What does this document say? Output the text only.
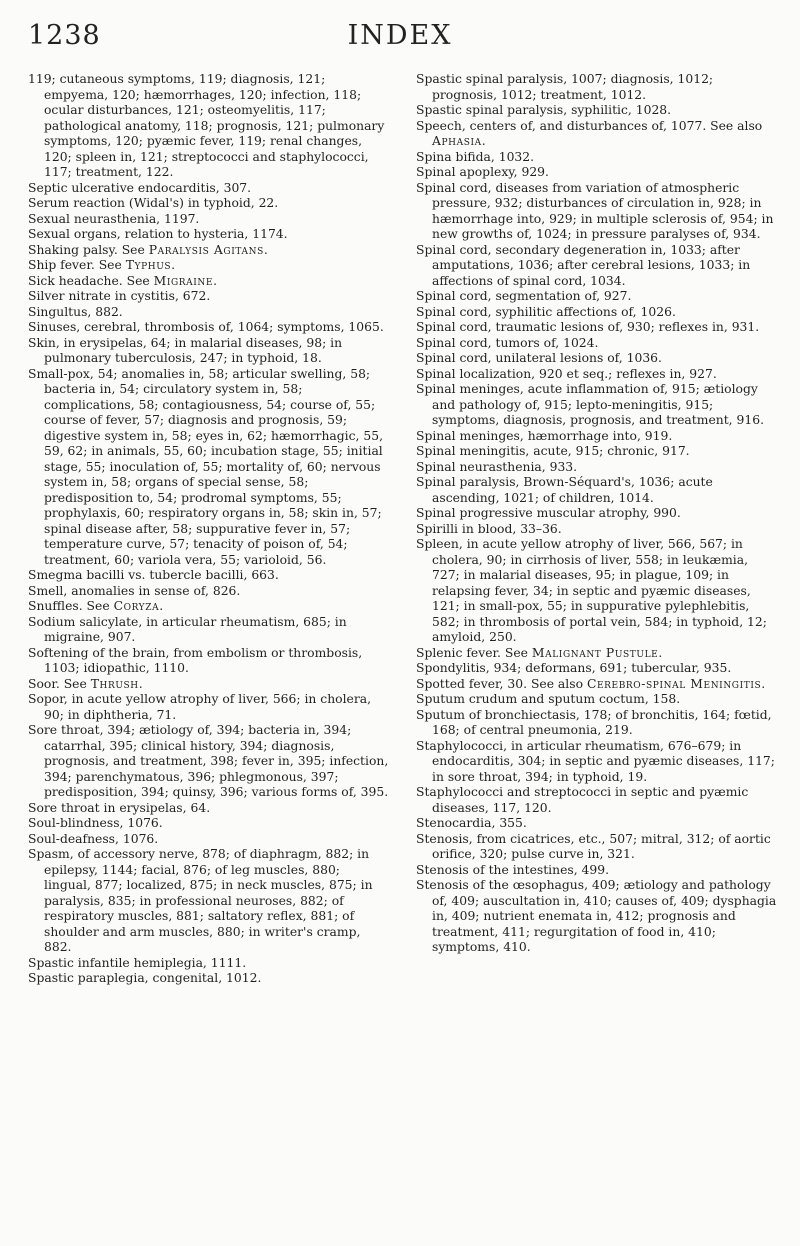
1238	INDEX

119; cutaneous symptoms, 119; diagnosis, 121; empyema, 120; hæmorrhages, 120; infection, 118; ocular disturbances, 121; osteomyelitis, 117; pathological anatomy, 118; prognosis, 121; pulmonary symptoms, 120; pyæmic fever, 119; renal changes, 120; spleen in, 121; streptococci and staphylococci, 117; treatment, 122.

Septic ulcerative endocarditis, 307.

Serum reaction (Widal's) in typhoid, 22.

Sexual neurasthenia, 1197.

Sexual organs, relation to hysteria, 1174.

Shaking palsy. See Paralysis Agitans.

Ship fever. See Typhus.

Sick headache. See Migraine.

Silver nitrate in cystitis, 672.

Singultus, 882.

Sinuses, cerebral, thrombosis of, 1064; symptoms, 1065.

Skin, in erysipelas, 64; in malarial diseases, 98; in pulmonary tuberculosis, 247; in typhoid, 18.

Small-pox, 54; anomalies in, 58; articular swelling, 58; bacteria in, 54; circulatory system in, 58; complications, 58; contagiousness, 54; course of, 55; course of fever, 57; diagnosis and prognosis, 59; digestive system in, 58; eyes in, 62; hæmorrhagic, 55, 59, 62; in animals, 55, 60; incubation stage, 55; initial stage, 55; inoculation of, 55; mortality of, 60; nervous system in, 58; organs of special sense, 58; predisposition to, 54; prodromal symptoms, 55; prophylaxis, 60; respiratory organs in, 58; skin in, 57; spinal disease after, 58; suppurative fever in, 57; temperature curve, 57; tenacity of poison of, 54; treatment, 60; variola vera, 55; varioloid, 56.

Smegma bacilli vs. tubercle bacilli, 663.

Smell, anomalies in sense of, 826.

Snuffles. See Coryza.

Sodium salicylate, in articular rheumatism, 685; in migraine, 907.

Softening of the brain, from embolism or thrombosis, 1103; idiopathic, 1110.

Soor. See Thrush.

Sopor, in acute yellow atrophy of liver, 566; in cholera, 90; in diphtheria, 71.

Sore throat, 394; ætiology of, 394; bacteria in, 394; catarrhal, 395; clinical history, 394; diagnosis, prognosis, and treatment, 398; fever in, 395; infection, 394; parenchymatous, 396; phlegmonous, 397; predisposition, 394; quinsy, 396; various forms of, 395.

Sore throat in erysipelas, 64.

Soul-blindness, 1076.

Soul-deafness, 1076.

Spasm, of accessory nerve, 878; of diaphragm, 882; in epilepsy, 1144; facial, 876; of leg muscles, 880; lingual, 877; localized, 875; in neck muscles, 875; in paralysis, 835; in professional neuroses, 882; of respiratory muscles, 881; saltatory reflex, 881; of shoulder and arm muscles, 880; in writer's cramp, 882.

Spastic infantile hemiplegia, 1111.

Spastic paraplegia, congenital, 1012.

Spastic spinal paralysis, 1007; diagnosis, 1012; prognosis, 1012; treatment, 1012.

Spastic spinal paralysis, syphilitic, 1028.

Speech, centers of, and disturbances of, 1077. See also Aphasia.

Spina bifida, 1032.

Spinal apoplexy, 929.

Spinal cord, diseases from variation of atmospheric pressure, 932; disturbances of circulation in, 928; in hæmorrhage into, 929; in multiple sclerosis of, 954; in new growths of, 1024; in pressure paralyses of, 934.

Spinal cord, secondary degeneration in, 1033; after amputations, 1036; after cerebral lesions, 1033; in affections of spinal cord, 1034.

Spinal cord, segmentation of, 927.

Spinal cord, syphilitic affections of, 1026.

Spinal cord, traumatic lesions of, 930; reflexes in, 931.

Spinal cord, tumors of, 1024.

Spinal cord, unilateral lesions of, 1036.

Spinal localization, 920 et seq.; reflexes in, 927.

Spinal meninges, acute inflammation of, 915; ætiology and pathology of, 915; lepto-meningitis, 915; symptoms, diagnosis, prognosis, and treatment, 916.

Spinal meninges, hæmorrhage into, 919.

Spinal meningitis, acute, 915; chronic, 917.

Spinal neurasthenia, 933.

Spinal paralysis, Brown-Séquard's, 1036; acute ascending, 1021; of children, 1014.

Spinal progressive muscular atrophy, 990.

Spirilli in blood, 33–36.

Spleen, in acute yellow atrophy of liver, 566, 567; in cholera, 90; in cirrhosis of liver, 558; in leukæmia, 727; in malarial diseases, 95; in plague, 109; in relapsing fever, 34; in septic and pyæmic diseases, 121; in small-pox, 55; in suppurative pylephlebitis, 582; in thrombosis of portal vein, 584; in typhoid, 12; amyloid, 250.

Splenic fever. See Malignant Pustule.

Spondylitis, 934; deformans, 691; tubercular, 935.

Spotted fever, 30. See also Cerebro-spinal Meningitis.

Sputum crudum and sputum coctum, 158.

Sputum of bronchiectasis, 178; of bronchitis, 164; fœtid, 168; of central pneumonia, 219.

Staphylococci, in articular rheumatism, 676–679; in endocarditis, 304; in septic and pyæmic diseases, 117; in sore throat, 394; in typhoid, 19.

Staphylococci and streptococci in septic and pyæmic diseases, 117, 120.

Stenocardia, 355.

Stenosis, from cicatrices, etc., 507; mitral, 312; of aortic orifice, 320; pulse curve in, 321.

Stenosis of the intestines, 499.

Stenosis of the œsophagus, 409; ætiology and pathology of, 409; auscultation in, 410; causes of, 409; dysphagia in, 409; nutrient enemata in, 412; prognosis and treatment, 411; regurgitation of food in, 410; symptoms, 410.
